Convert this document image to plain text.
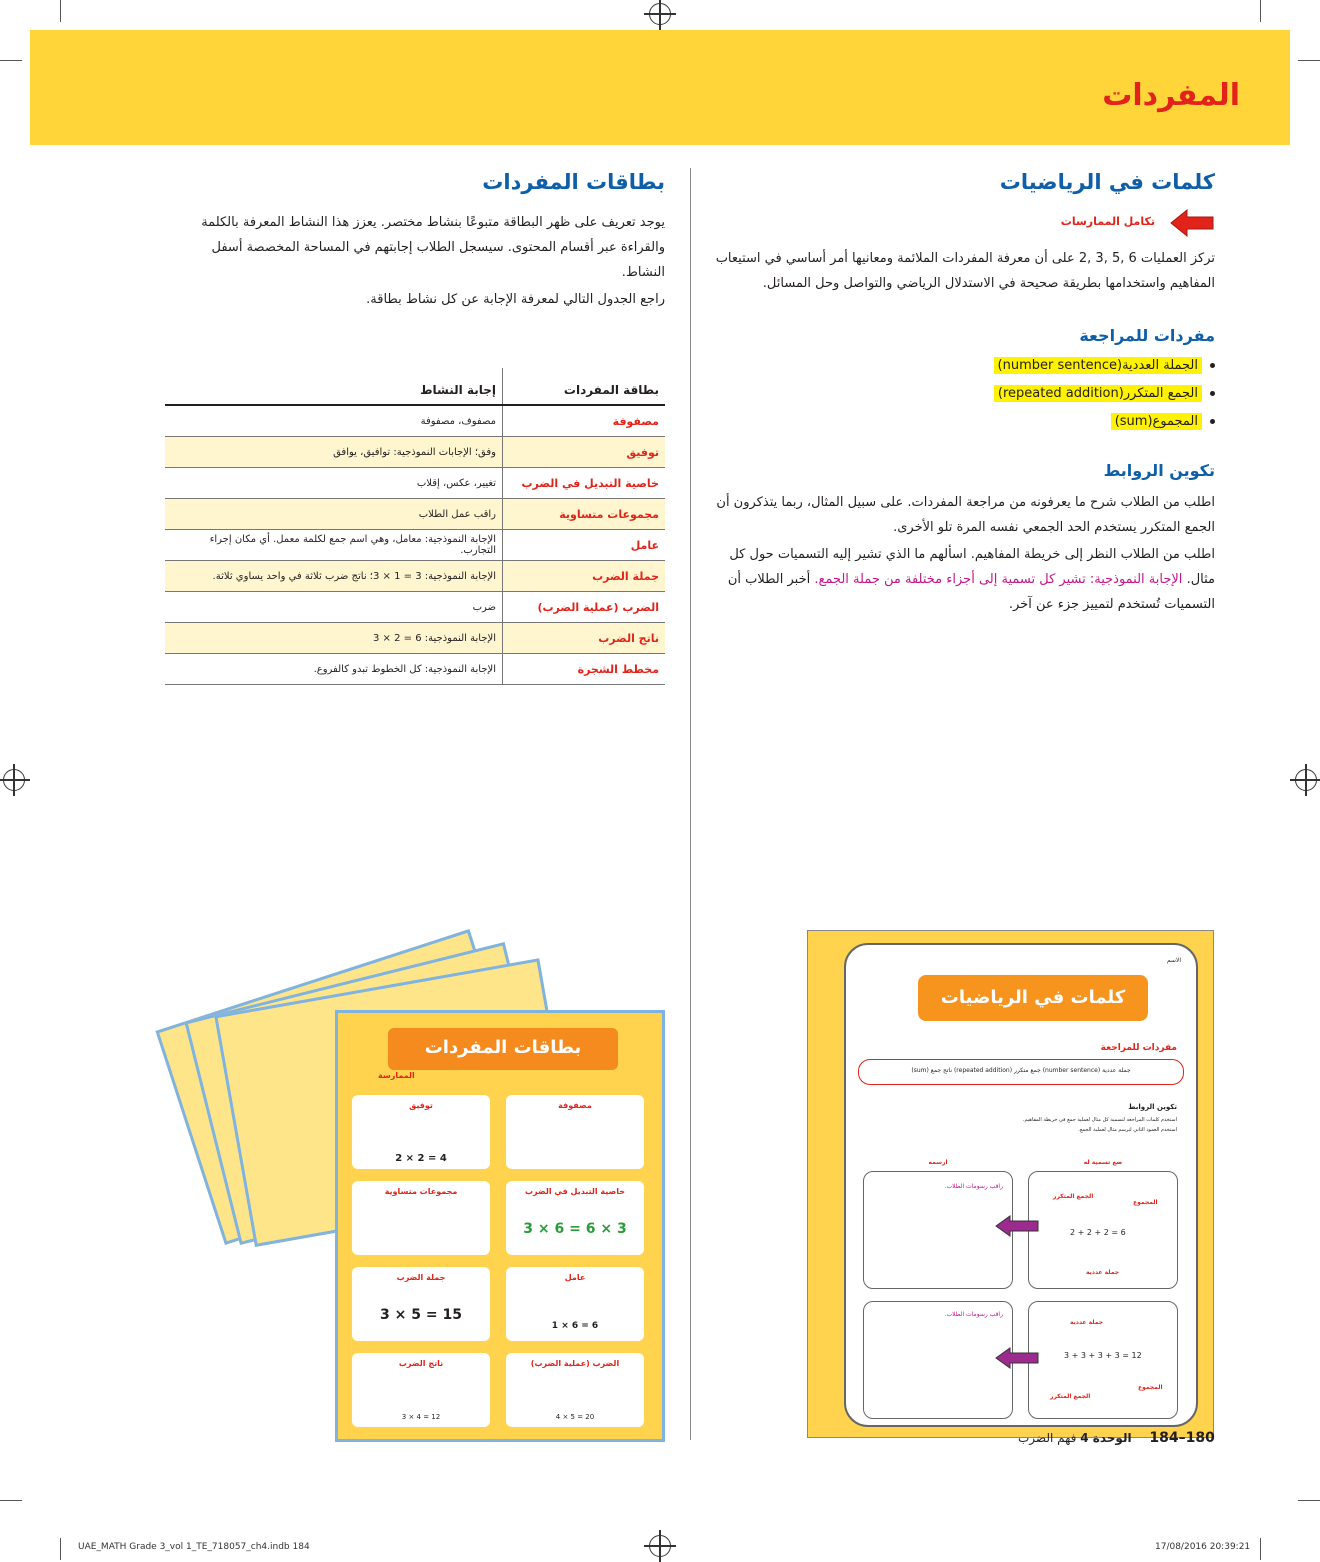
المفردات
كلمات في الرياضيات
تكامل الممارسات

تركز العمليات 6 ,5 ,3 ,2 على أن معرفة المفردات الملائمة ومعانيها أمر أساسي في استيعاب المفاهيم واستخدامها بطريقة صحيحة في الاستدلال الرياضي والتواصل وحل المسائل.

مفردات للمراجعة
الجملة العددية(number sentence)
الجمع المتكرر(repeated addition)
المجموع(sum)
تكوين الروابط

اطلب من الطلاب شرح ما يعرفونه من مراجعة المفردات. على سبيل المثال، ربما يتذكرون أن الجمع المتكرر يستخدم الحد الجمعي نفسه المرة تلو الأخرى.

اطلب من الطلاب النظر إلى خريطة المفاهيم. اسألهم ما الذي تشير إليه التسميات حول كل مثال. الإجابة النموذجية: تشير كل تسمية إلى أجزاء مختلفة من جملة الجمع. أخبر الطلاب أن التسميات تُستخدم لتمييز جزء عن آخر.

بطاقات المفردات

يوجد تعريف على ظهر البطاقة متبوعًا بنشاط مختصر. يعزز هذا النشاط المعرفة بالكلمة والقراءة عبر أقسام المحتوى. سيسجل الطلاب إجابتهم في المساحة المخصصة أسفل النشاط.

راجع الجدول التالي لمعرفة الإجابة عن كل نشاط بطاقة.

بطاقة المفردات	إجابة النشاط
مصفوفة	مصفوف، مصفوفة
توفيق	وفق؛ الإجابات النموذجية: توافيق، يوافق
خاصية التبديل في الضرب	تغيير، عكس، إقلاب
مجموعات متساوية	راقب عمل الطلاب
عامل	الإجابة النموذجية: معامل، وهي اسم جمع لكلمة معمل. أي مكان إجراء التجارب.
جملة الضرب	الإجابة النموذجية: 3 = 1 × 3؛ ناتج ضرب ثلاثة في واحد يساوي ثلاثة.
الضرب (عملية الضرب)	ضرب
ناتج الضرب	الإجابة النموذجية: 6 = 2 × 3
مخطط الشجرة	الإجابة النموذجية: كل الخطوط تبدو كالفروع.
بطاقات المفردات
الممارسة
توفيق	مصفوفة
مجموعات متساوية	خاصية التبديل في الضرب
جملة الضرب	عامل
ناتج الضرب	الضرب (عملية الضرب)
2 × 2 = 4
3 × 6 = 6 × 3
3 × 5 = 15
1 × 6 = 6
3 × 4 = 12	4 × 5 = 20
الاسم
كلمات في الرياضيات
مفردات للمراجعة
جملة عددية (number sentence) جمع متكرر (repeated addition) ناتج جمع (sum)
تكوين الروابط
استخدم كلمات المراجعة لتسمية كل مثال لعملية جمع في خريطة المفاهيم.
استخدم العمود الثاني لترسم مثال لعملية الجمع.
ضع تسمية له
ارسمه
راقب رسومات الطلاب.
راقب رسومات الطلاب.
الجمع المتكرر
المجموع
2 + 2 + 2 = 6
جملة عددية
جملة عددية
3 + 3 + 3 + 3 = 12
المجموع
الجمع المتكرر
180–184 الوحدة 4 فهم الضرب
UAE_MATH Grade 3_vol 1_TE_718057_ch4.indb 184	17/08/2016 20:39:21
